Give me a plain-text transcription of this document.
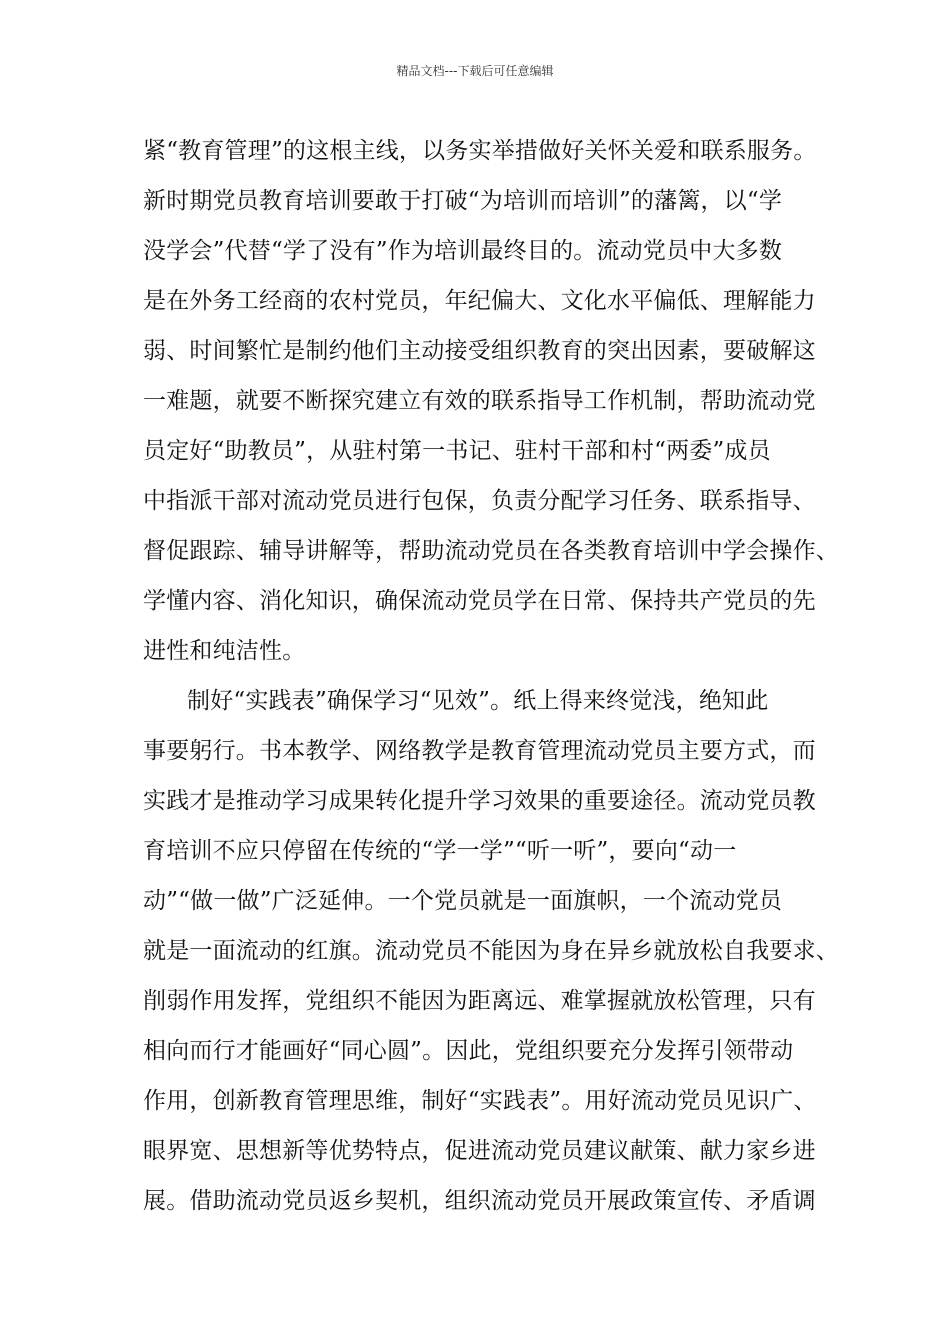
精品文档---下载后可任意编辑
紧“教育管理”的这根主线，以务实举措做好关怀关爱和联系服务。
新时期党员教育培训要敢于打破“为培训而培训”的藩篱，以“学
没学会”代替“学了没有”作为培训最终目的。流动党员中大多数
是在外务工经商的农村党员，年纪偏大、文化水平偏低、理解能力
弱、时间繁忙是制约他们主动接受组织教育的突出因素，要破解这
一难题，就要不断探究建立有效的联系指导工作机制，帮助流动党
员定好“助教员”，从驻村第一书记、驻村干部和村“两委”成员
中指派干部对流动党员进行包保，负责分配学习任务、联系指导、
督促跟踪、辅导讲解等，帮助流动党员在各类教育培训中学会操作、
学懂内容、消化知识，确保流动党员学在日常、保持共产党员的先
进性和纯洁性。
制好“实践表”确保学习“见效”。纸上得来终觉浅，绝知此
事要躬行。书本教学、网络教学是教育管理流动党员主要方式，而
实践才是推动学习成果转化提升学习效果的重要途径。流动党员教
育培训不应只停留在传统的“学一学”“听一听”，要向“动一
动”“做一做”广泛延伸。一个党员就是一面旗帜，一个流动党员
就是一面流动的红旗。流动党员不能因为身在异乡就放松自我要求、
削弱作用发挥，党组织不能因为距离远、难掌握就放松管理，只有
相向而行才能画好“同心圆”。因此，党组织要充分发挥引领带动
作用，创新教育管理思维，制好“实践表”。用好流动党员见识广、
眼界宽、思想新等优势特点，促进流动党员建议献策、献力家乡进
展。借助流动党员返乡契机，组织流动党员开展政策宣传、矛盾调
